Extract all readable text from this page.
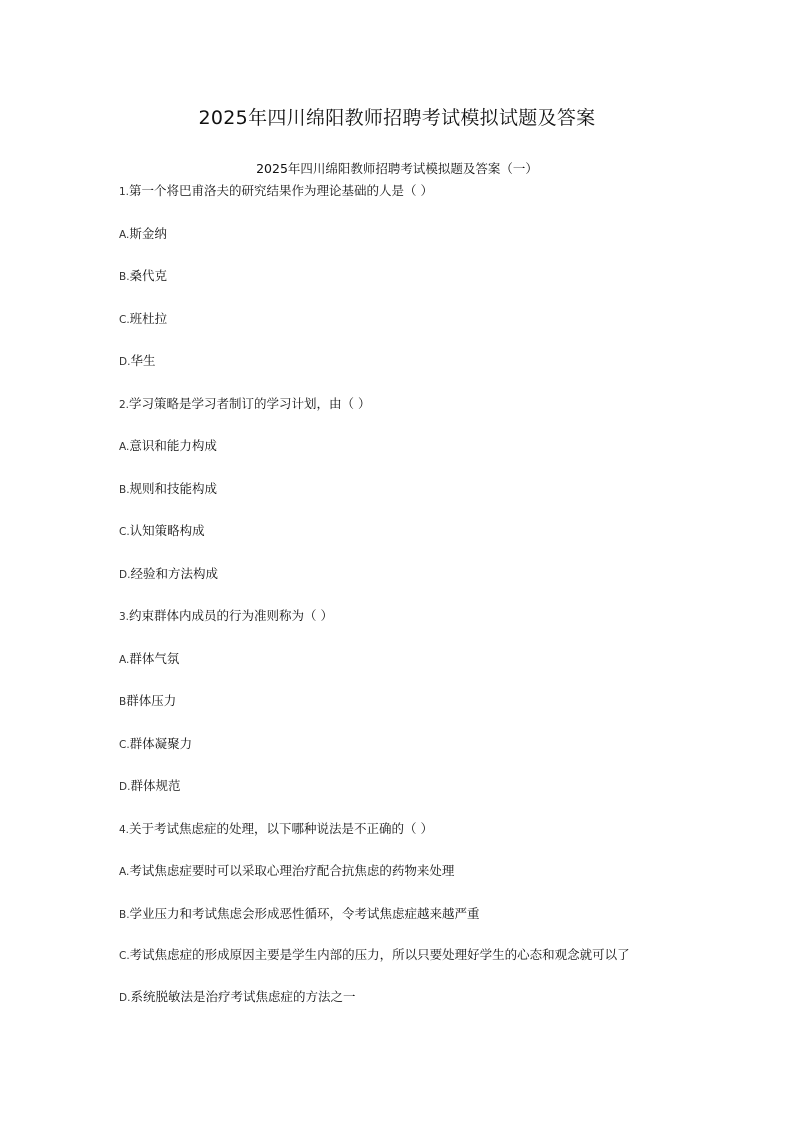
2025年四川绵阳教师招聘考试模拟试题及答案
2025年四川绵阳教师招聘考试模拟题及答案（一）

1.第一个将巴甫洛夫的研究结果作为理论基础的人是（ ）

A.斯金纳

B.桑代克

C.班杜拉

D.华生

2.学习策略是学习者制订的学习计划，由（ ）

A.意识和能力构成

B.规则和技能构成

C.认知策略构成

D.经验和方法构成

3.约束群体内成员的行为准则称为（ ）

A.群体气氛

B群体压力

C.群体凝聚力

D.群体规范

4.关于考试焦虑症的处理，以下哪种说法是不正确的（ ）

A.考试焦虑症要时可以采取心理治疗配合抗焦虑的药物来处理

B.学业压力和考试焦虑会形成恶性循环，令考试焦虑症越来越严重

C.考试焦虑症的形成原因主要是学生内部的压力，所以只要处理好学生的心态和观念就可以了

D.系统脱敏法是治疗考试焦虑症的方法之一
